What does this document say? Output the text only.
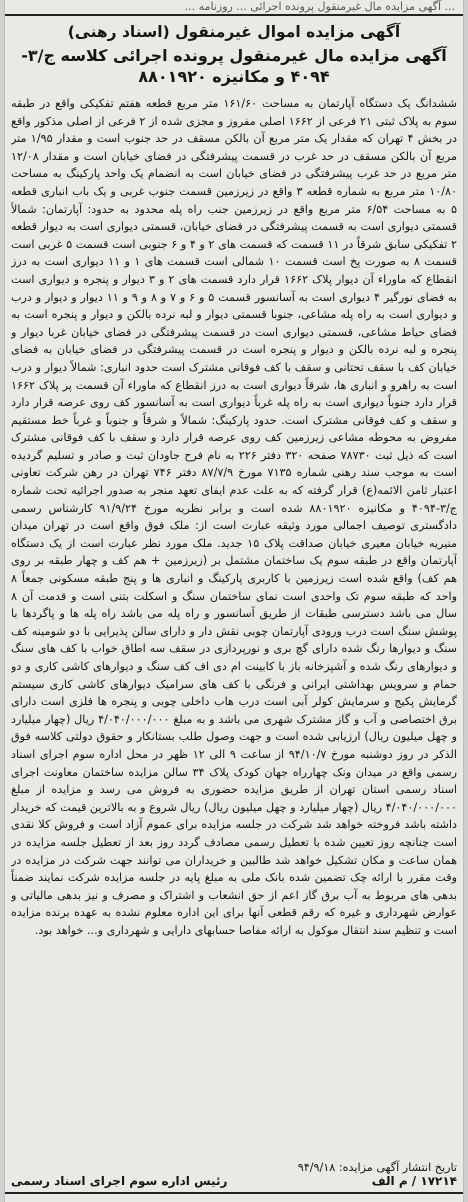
... آگهی مزایده مال غیرمنقول پرونده اجرائی ... روزنامه ...
آگهی مزایده اموال غیرمنقول (اسناد رهنی)
آگهی مزایده مال غیرمنقول پرونده اجرائی کلاسه ج/۳- ۴۰۹۴ و مکانیزه ۸۸۰۱۹۲۰
ششدانگ یک دستگاه آپارتمان به مساحت ۱۶۱/۶۰ متر مربع قطعه هفتم تفکیکی واقع در طبقه سوم به پلاک ثبتی ۲۱ فرعی از ۱۶۶۲ اصلی مفروز و مجزی شده از ۲ فرعی از اصلی مذکور واقع در بخش ۴ تهران که مقدار یک متر مربع آن بالکن مسقف در حد جنوب است و مقدار ۱/۹۵ متر مربع آن بالکن مسقف در حد غرب در قسمت پیشرفتگی در فضای خیابان است و مقدار ۱۲/۰۸ متر مربع در حد غرب پیشرفتگی در فضای خیابان است به انضمام یک واحد پارکینگ به مساحت ۱۰/۸۰ متر مربع به شماره قطعه ۳ واقع در زیرزمین قسمت جنوب غربی و یک باب انباری قطعه ۵ به مساحت ۶/۵۴ متر مربع واقع در زیرزمین جنب راه پله محدود به حدود: آپارتمان: شمالاً قسمتی دیواری است به قسمت پیشرفتگی در فضای خیابان، قسمتی دیواری است به دیوار قطعه ۲ تفکیکی سابق شرقاً در ۱۱ قسمت که قسمت های ۲ و ۴ و ۶ جنوبی است قسمت ۵ غربی است قسمت ۸ به صورت پخ است قسمت ۱۰ شمالی است قسمت های ۱ و ۱۱ دیواری است به درز انقطاع که ماوراء آن دیوار پلاک ۱۶۶۲ قرار دارد قسمت های ۲ و ۳ دیوار و پنجره و دیواری است به فضای نورگیر ۴ دیواری است به آسانسور قسمت ۵ و ۶ و ۷ و ۸ و ۹ و ۱۱ دیوار و دیوار و درب و دیواری است به راه پله مشاعی، جنوبا قسمتی دیوار و لبه نرده بالکن و دیوار و پنجره است به فضای حیاط مشاعی، قسمتی دیواری است در قسمت پیشرفتگی در فضای خیابان غربا دیوار و پنجره و لبه نرده بالکن و دیوار و پنجره است در قسمت پیشرفتگی در فضای خیابان به فضای خیابان کف با سقف تحتانی و سقف با کف فوقانی مشترک است حدود انباری: شمالاً دیوار و درب است به راهرو و انباری ها، شرقاً دیواری است به درز انقطاع که ماوراء آن قسمت پر پلاک ۱۶۶۲ قرار دارد جنوباً دیواری است به راه پله غرباً دیواری است به آسانسور کف روی عرصه قرار دارد و سقف و کف فوقانی مشترک است. حدود پارکینگ: شمالاً و شرقاً و جنوباً و غرباً خط مستقیم مفروض به محوطه مشاعی زیرزمین کف روی عرصه قرار دارد و سقف با کف فوقانی مشترک است که ذیل ثبت ۷۸۷۳۰ صفحه ۳۲۰ دفتر ۲۲۶ به نام فرح جاودان ثبت و صادر و تسلیم گردیده است به موجب سند رهنی شماره ۷۱۳۵ مورخ ۸۷/۷/۹ دفتر ۷۴۶ تهران در رهن شرکت تعاونی اعتبار ثامن الائمه(ع) قرار گرفته که به علت عدم ایفای تعهد منجر به صدور اجرائیه تحت شماره ج/۳-۴۰۹۴ و مکانیزه ۸۸۰۱۹۲۰ شده است و برابر نظریه مورخ ۹۱/۹/۲۴ کارشناس رسمی دادگستری توصیف اجمالی مورد وثیقه عبارت است از: ملک فوق واقع است در تهران میدان منیریه خیابان معیری خیابان صداقت پلاک ۱۵ جدید. ملک مورد نظر عبارت است از یک دستگاه آپارتمان واقع در طبقه سوم یک ساختمان مشتمل بر (زیرزمین + هم کف و چهار طبقه بر روی هم کف) واقع شده است زیرزمین با کاربری پارکینگ و انباری ها و پنج طبقه مسکونی جمعاً ۸ واحد که طبقه سوم تک واحدی است نمای ساختمان سنگ و اسکلت بتنی است و قدمت آن ۸ سال می باشد دسترسی طبقات از طریق آسانسور و راه پله می باشد راه پله ها و پاگردها با پوشش سنگ است درب ورودی آپارتمان چوبی نقش دار و دارای سالن پذیرایی با دو شومینه کف سنگ و دیوارها رنگ شده دارای گچ بری و نورپردازی در سقف سه اطاق خواب با کف های سنگ و دیوارهای رنگ شده و آشپزخانه باز با کابینت ام دی اف کف سنگ و دیوارهای کاشی کاری و دو حمام و سرویس بهداشتی ایرانی و فرنگی با کف های سرامیک دیوارهای کاشی کاری سیستم گرمایش پکیج و سرمایش کولر آبی است درب هاب داخلی چوبی و پنجره ها فلزی است دارای برق اختصاصی و آب و گاز مشترک شهری می باشد و به مبلغ ۴/۰۴۰/۰۰۰/۰۰۰ ریال (چهار میلیارد و چهل میلیون ریال) ارزیابی شده است و جهت وصول طلب بستانکار و حقوق دولتی کلاسه فوق الذکر در روز دوشنبه مورخ ۹۴/۱۰/۷ از ساعت ۹ الی ۱۲ ظهر در محل اداره سوم اجرای اسناد رسمی واقع در میدان ونک چهارراه جهان کودک پلاک ۳۴ سالن مزایده ساختمان معاونت اجرای اسناد رسمی استان تهران از طریق مزایده حضوری به فروش می رسد و مزایده از مبلغ ۴/۰۴۰/۰۰۰/۰۰۰ ریال (چهار میلیارد و چهل میلیون ریال) ریال شروع و به بالاترین قیمت که خریدار داشته باشد فروخته خواهد شد شرکت در جلسه مزایده برای عموم آزاد است و فروش کلا نقدی است چنانچه روز تعیین شده با تعطیل رسمی مصادف گردد روز بعد از تعطیل جلسه مزایده در همان ساعت و مکان تشکیل خواهد شد طالبین و خریداران می توانند جهت شرکت در مزایده در وقت مقرر با ارائه چک تضمین شده بانک ملی به مبلغ پایه در جلسه مزایده شرکت نمایند ضمناً بدهی های مربوط به آب برق گاز اعم از حق انشعاب و اشتراک و مصرف و نیز بدهی مالیاتی و عوارض شهرداری و غیره که رقم قطعی آنها برای این اداره معلوم نشده به عهده برنده مزایده است و تنظیم سند انتقال موکول به ارائه مفاصا حسابهای دارایی و شهرداری و... خواهد بود.
تاریخ انتشار آگهی مزایده: ۹۴/۹/۱۸
۱۷۲۱۴ / م الف
رئیس اداره سوم اجرای اسناد رسمی
